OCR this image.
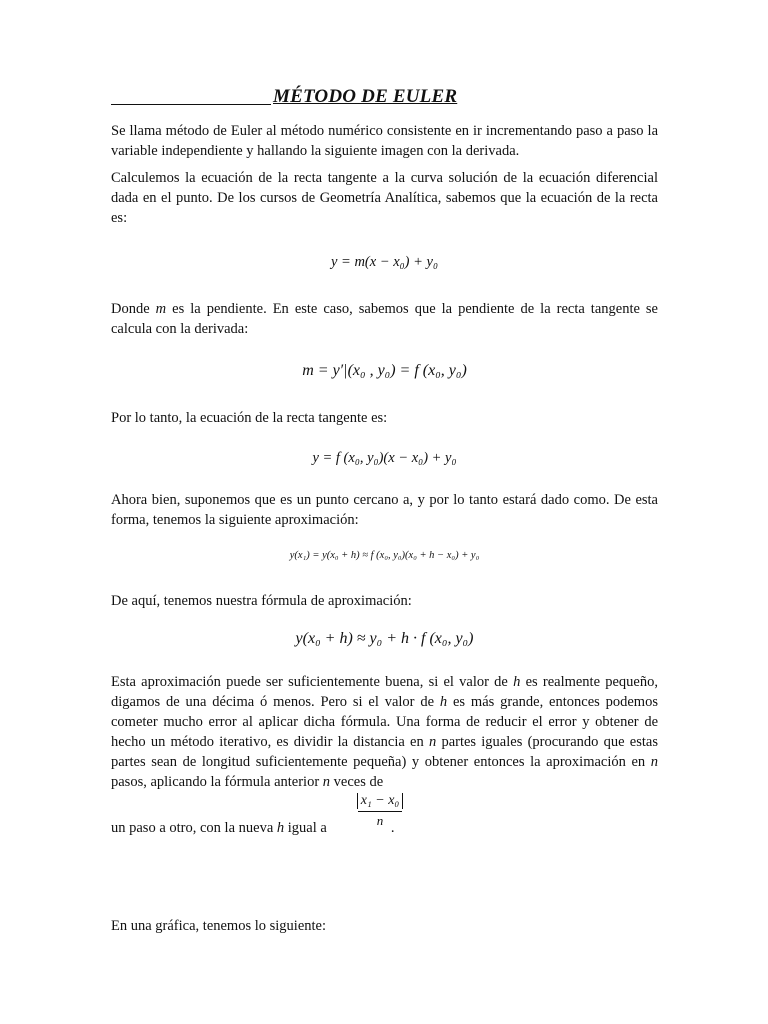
MÉTODO DE EULER

Se llama método de Euler al método numérico consistente en ir incrementando paso a paso la variable independiente y hallando la siguiente imagen con la derivada.

Calculemos la ecuación de la recta tangente a la curva solución de la ecuación diferencial dada en el punto. De los cursos de Geometría Analítica, sabemos que la ecuación de la recta es:

y = m(x − x₀) + y₀

Donde m es la pendiente. En este caso, sabemos que la pendiente de la recta tangente se calcula con la derivada:

m = y′|(x₀ , y₀) = f (x₀, y₀)

Por lo tanto, la ecuación de la recta tangente es:

y = f (x₀, y₀)(x − x₀) + y₀

Ahora bien, suponemos que es un punto cercano a, y por lo tanto estará dado como. De esta forma, tenemos la siguiente aproximación:

y(x₁) = y(x₀ + h) ≈ f (x₀, y₀)(x₀ + h − x₀) + y₀

De aquí, tenemos nuestra fórmula de aproximación:

y(x₀ + h) ≈ y₀ + h · f (x₀, y₀)

Esta aproximación puede ser suficientemente buena, si el valor de h es realmente pequeño, digamos de una décima ó menos. Pero si el valor de h es más grande, entonces podemos cometer mucho error al aplicar dicha fórmula. Una forma de reducir el error y obtener de hecho un método iterativo, es dividir la distancia en n partes iguales (procurando que estas partes sean de longitud suficientemente pequeña) y obtener entonces la aproximación en n pasos, aplicando la fórmula anterior n veces de

x₁ − x₀
n

un paso a otro, con la nueva h igual a	.

En una gráfica, tenemos lo siguiente:
